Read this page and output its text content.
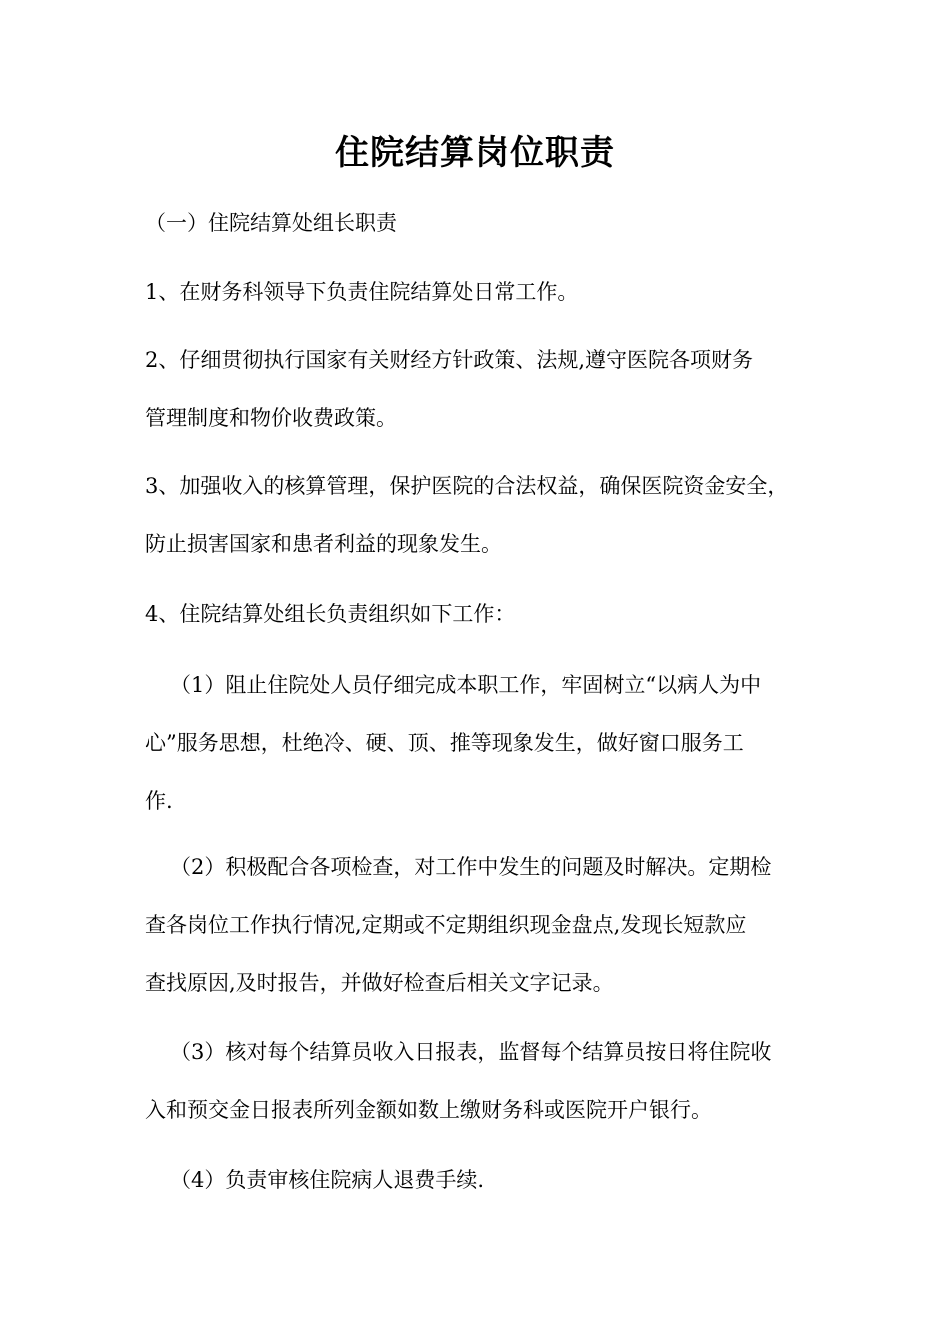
住院结算岗位职责
（一）住院结算处组长职责
1、在财务科领导下负责住院结算处日常工作。
2、仔细贯彻执行国家有关财经方针政策、法规,遵守医院各项财务
管理制度和物价收费政策。
3、加强收入的核算管理，保护医院的合法权益，确保医院资金安全，
防止损害国家和患者利益的现象发生。
4、住院结算处组长负责组织如下工作：
（1）阻止住院处人员仔细完成本职工作，牢固树立“以病人为中
心”服务思想，杜绝冷、硬、顶、推等现象发生，做好窗口服务工
作.
（2）积极配合各项检查，对工作中发生的问题及时解决。定期检
查各岗位工作执行情况,定期或不定期组织现金盘点,发现长短款应
查找原因,及时报告，并做好检查后相关文字记录。
（3）核对每个结算员收入日报表，监督每个结算员按日将住院收
入和预交金日报表所列金额如数上缴财务科或医院开户银行。
（4）负责审核住院病人退费手续.
